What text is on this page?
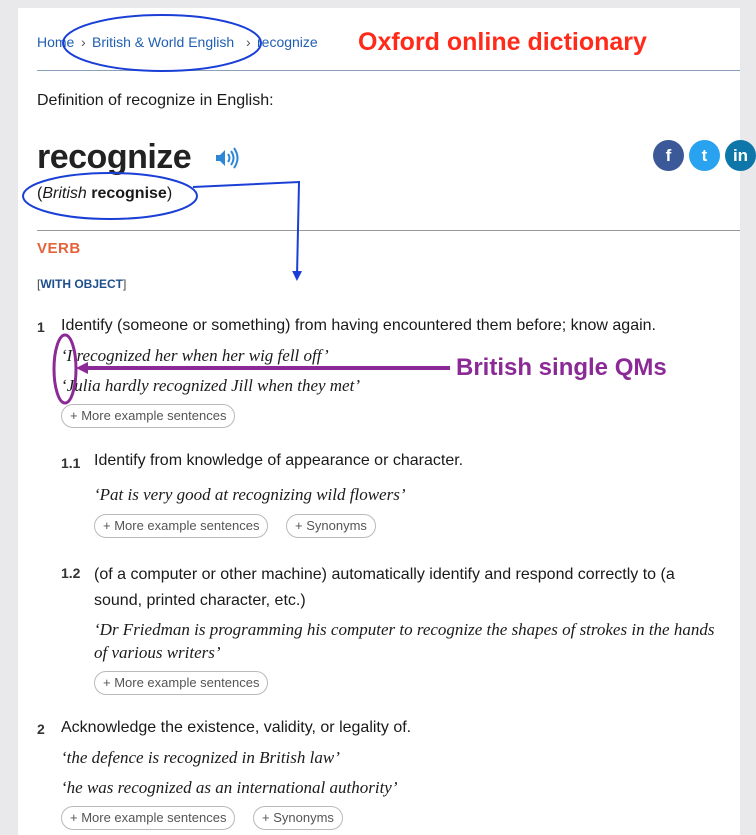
Home › British & World English › recognize
Definition of recognize in English:
recognize
(British recognise)
f	t	in
VERB
[WITH OBJECT]
1 Identify (someone or something) from having encountered them before; know again.
‘I recognized her when her wig fell off’
‘Julia hardly recognized Jill when they met’
+ More example sentences
1.1 Identify from knowledge of appearance or character.
‘Pat is very good at recognizing wild flowers’
+ More example sentences	+ Synonyms
1.2 (of a computer or other machine) automatically identify and respond correctly to (a sound, printed character, etc.)
‘Dr Friedman is programming his computer to recognize the shapes of strokes in the hands of various writers’
+ More example sentences
2 Acknowledge the existence, validity, or legality of.
‘the defence is recognized in British law’
‘he was recognized as an international authority’
+ More example sentences	+ Synonyms
Oxford online dictionary
British single QMs
